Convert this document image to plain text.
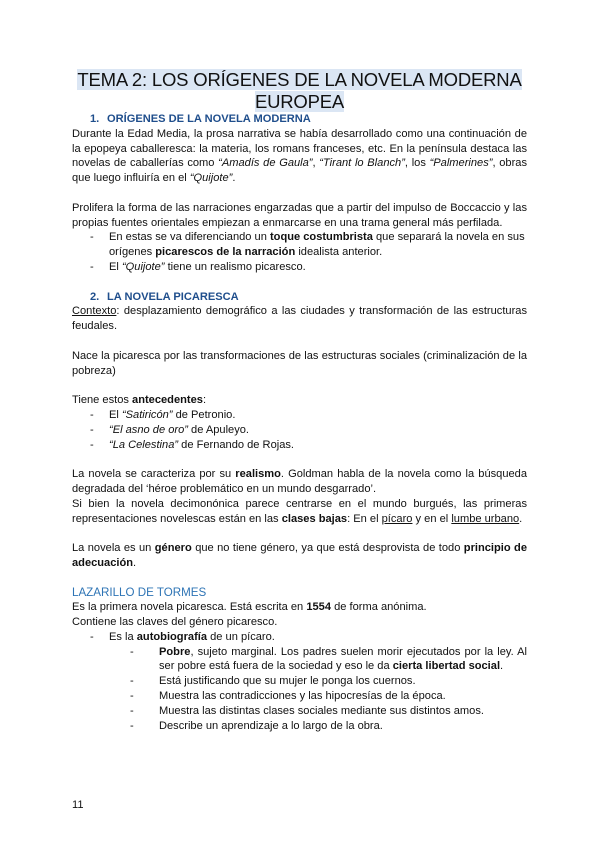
TEMA 2: LOS ORÍGENES DE LA NOVELA MODERNA EUROPEA

1. ORÍGENES DE LA NOVELA MODERNA

Durante la Edad Media, la prosa narrativa se había desarrollado como una continuación de la epopeya caballeresca: la materia, los romans franceses, etc. En la península destaca las novelas de caballerías como “Amadís de Gaula”, “Tirant lo Blanch”, los “Palmerines”, obras que luego influiría en el “Quijote”.

Prolifera la forma de las narraciones engarzadas que a partir del impulso de Boccaccio y las propias fuentes orientales empiezan a enmarcarse en una trama general más perfilada.

- En estas se va diferenciando un toque costumbrista que separará la novela en sus orígenes picarescos de la narración idealista anterior.
- El “Quijote” tiene un realismo picaresco.

2. LA NOVELA PICARESCA

Contexto: desplazamiento demográfico a las ciudades y transformación de las estructuras feudales.

Nace la picaresca por las transformaciones de las estructuras sociales (criminalización de la pobreza)

Tiene estos antecedentes:

- El “Satiricón” de Petronio.
- “El asno de oro” de Apuleyo.
- “La Celestina” de Fernando de Rojas.

La novela se caracteriza por su realismo. Goldman habla de la novela como la búsqueda degradada del ‘héroe problemático en un mundo desgarrado’.

Si bien la novela decimonónica parece centrarse en el mundo burgués, las primeras representaciones novelescas están en las clases bajas: En el pícaro y en el lumbe urbano.

La novela es un género que no tiene género, ya que está desprovista de todo principio de adecuación.

LAZARILLO DE TORMES

Es la primera novela picaresca. Está escrita en 1554 de forma anónima.

Contiene las claves del género picaresco.

- Es la autobiografía de un pícaro.
- Pobre, sujeto marginal. Los padres suelen morir ejecutados por la ley. Al ser pobre está fuera de la sociedad y eso le da cierta libertad social.
- Está justificando que su mujer le ponga los cuernos.
- Muestra las contradicciones y las hipocresías de la época.
- Muestra las distintas clases sociales mediante sus distintos amos.
- Describe un aprendizaje a lo largo de la obra.
11
